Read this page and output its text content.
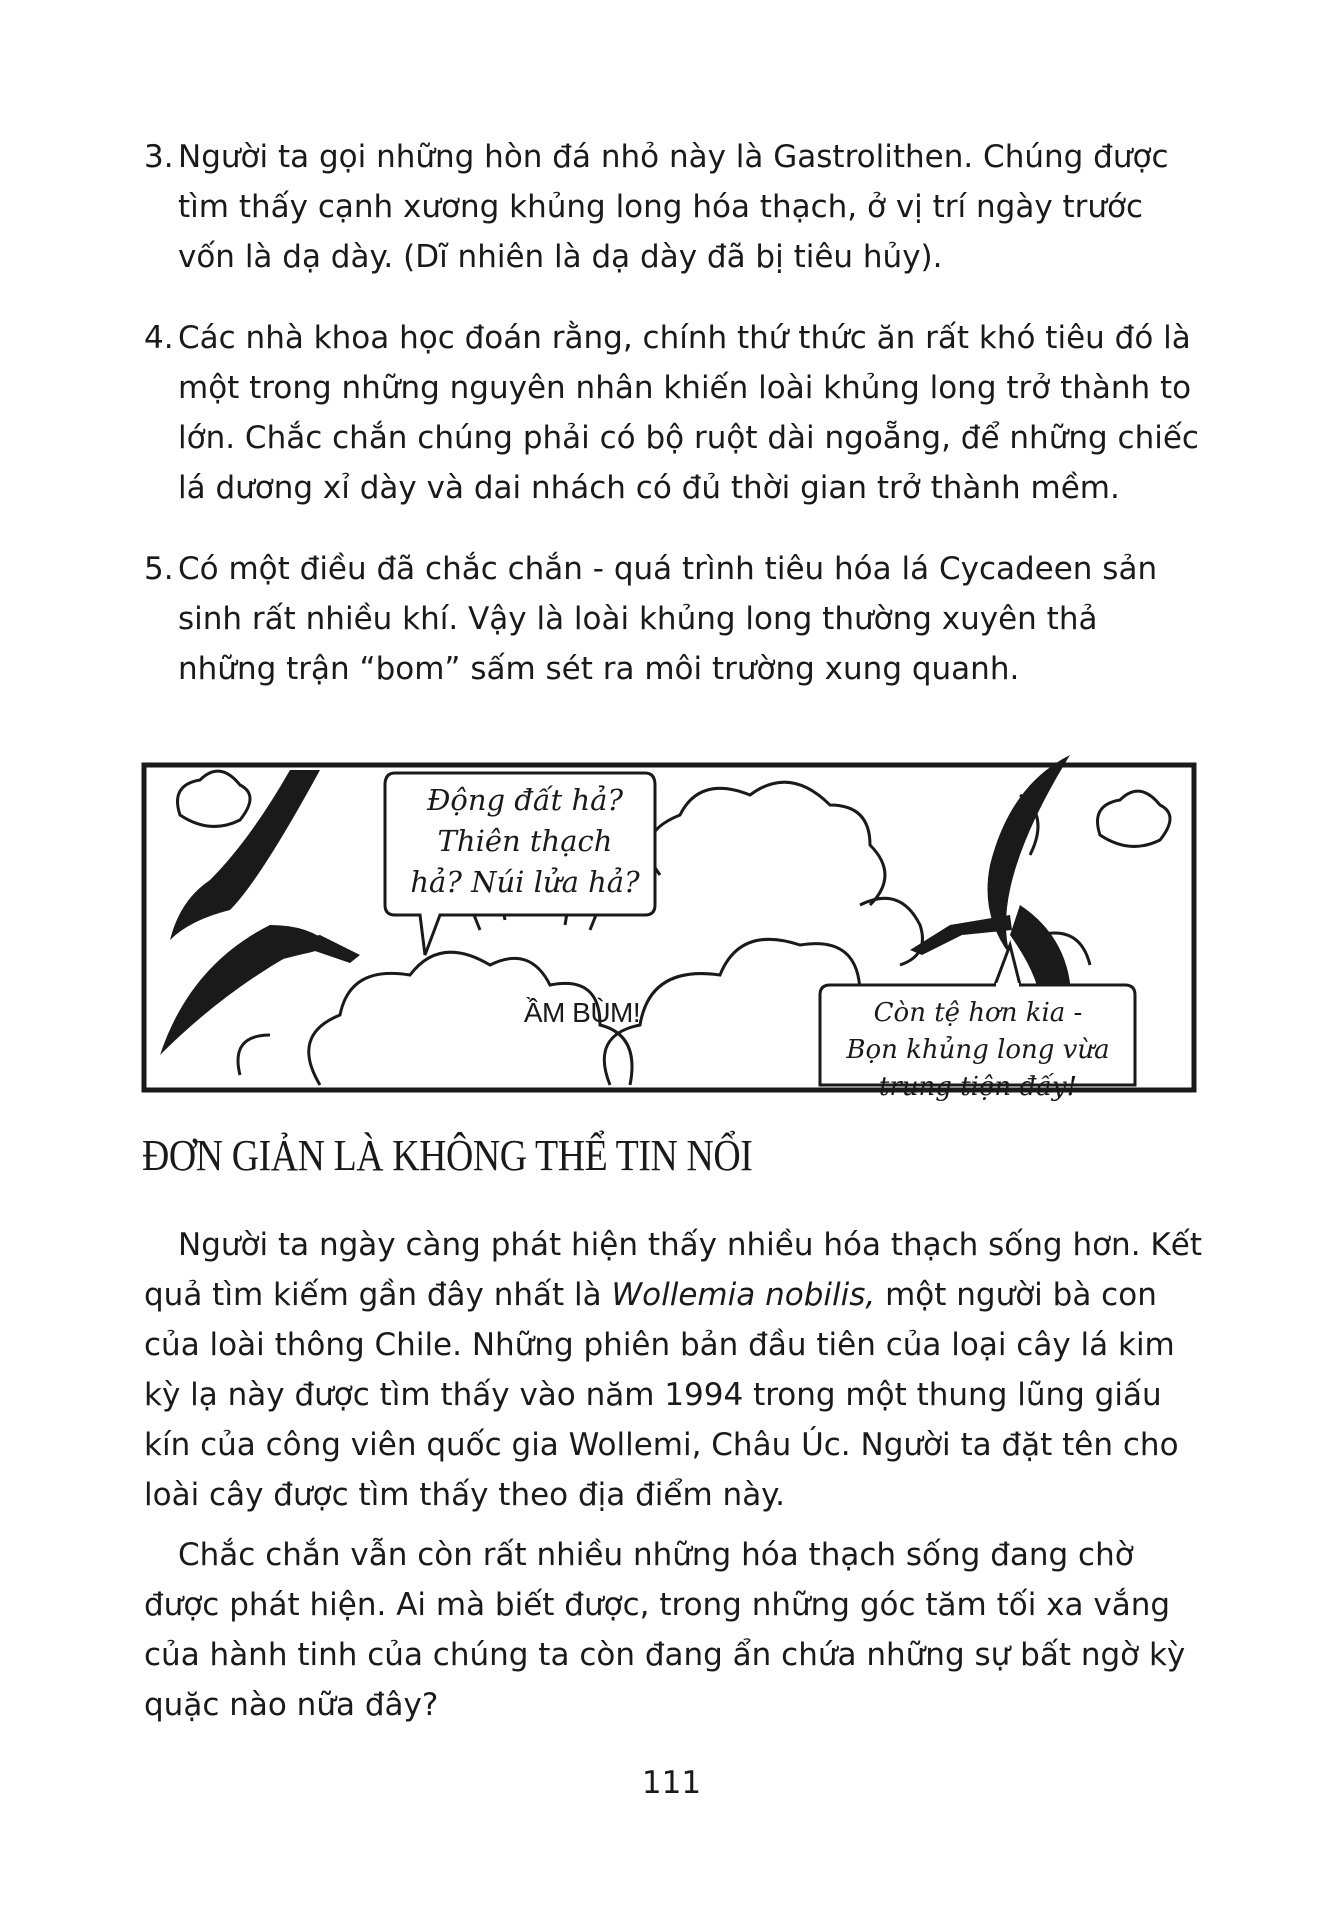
3. Người ta gọi những hòn đá nhỏ này là Gastrolithen. Chúng được tìm thấy cạnh xương khủng long hóa thạch, ở vị trí ngày trước vốn là dạ dày. (Dĩ nhiên là dạ dày đã bị tiêu hủy).
4. Các nhà khoa học đoán rằng, chính thứ thức ăn rất khó tiêu đó là một trong những nguyên nhân khiến loài khủng long trở thành to lớn. Chắc chắn chúng phải có bộ ruột dài ngoẵng, để những chiếc lá dương xỉ dày và dai nhách có đủ thời gian trở thành mềm.
5. Có một điều đã chắc chắn - quá trình tiêu hóa lá Cycadeen sản sinh rất nhiều khí. Vậy là loài khủng long thường xuyên thả những trận “bom” sấm sét ra môi trường xung quanh.
Động đất hả?
Thiên thạch
hả? Núi lửa hả?
ẦM BÙM!	Còn tệ hơn kia -
Bọn khủng long vừa
trung tiện đấy!
ĐƠN GIẢN LÀ KHÔNG THỂ TIN NỔI

Người ta ngày càng phát hiện thấy nhiều hóa thạch sống hơn. Kết quả tìm kiếm gần đây nhất là Wollemia nobilis, một người bà con của loài thông Chile. Những phiên bản đầu tiên của loại cây lá kim kỳ lạ này được tìm thấy vào năm 1994 trong một thung lũng giấu kín của công viên quốc gia Wollemi, Châu Úc. Người ta đặt tên cho loài cây được tìm thấy theo địa điểm này.

Chắc chắn vẫn còn rất nhiều những hóa thạch sống đang chờ được phát hiện. Ai mà biết được, trong những góc tăm tối xa vắng của hành tinh của chúng ta còn đang ẩn chứa những sự bất ngờ kỳ quặc nào nữa đây?

111
